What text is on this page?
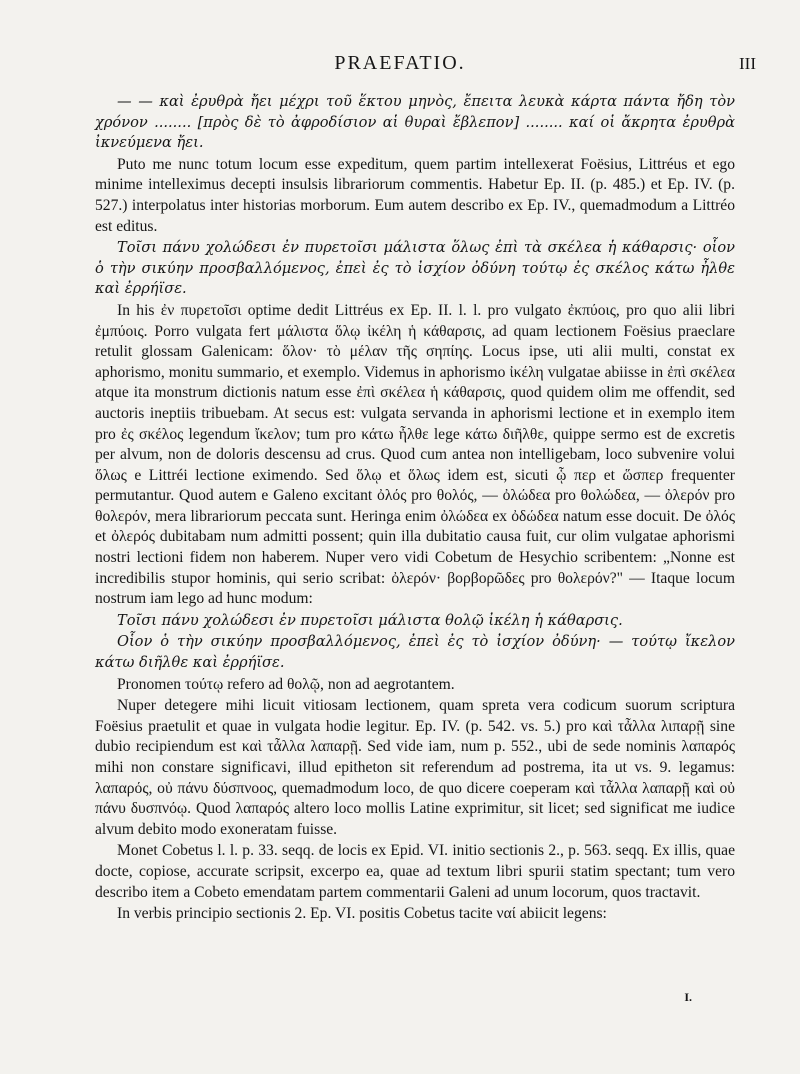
PRAEFATIO.	III

— — καὶ ἐρυθρὰ ἤει μέχρι τοῦ ἕκτου μηνὸς, ἔπειτα λευκὰ κάρτα πάντα ἤδη τὸν χρόνον ........ [πρὸς δὲ τὸ ἀφροδίσιον αἱ θυραὶ ἔβλεπον] ........ καί οἱ ἄκρητα ἐρυθρὰ ἰκνεύμενα ἤει.

Puto me nunc totum locum esse expeditum, quem partim intellexerat Foësius, Littréus et ego minime intelleximus decepti insulsis librariorum commentis. Habetur Ep. II. (p. 485.) et Ep. IV. (p. 527.) interpolatus inter historias morborum. Eum autem describo ex Ep. IV., quemadmodum a Littréo est editus.

Τοῖσι πάνυ χολώδεσι ἐν πυρετοῖσι μάλιστα ὅλως ἐπὶ τὰ σκέλεα ἡ κάθαρσις· οἷον ὁ τὴν σικύην προσβαλλόμενος, ἐπεὶ ἐς τὸ ἰσχίον ὀδύνη τούτῳ ἐς σκέλος κάτω ἦλθε καὶ ἐρρήϊσε.

In his ἐν πυρετοῖσι optime dedit Littréus ex Ep. II. l. l. pro vulgato ἐκπύοις, pro quo alii libri ἐμπύοις. Porro vulgata fert μάλιστα ὅλῳ ἰκέλη ἡ κάθαρσις, ad quam lectionem Foësius praeclare retulit glossam Galenicam: ὅλον· τὸ μέλαν τῆς σηπίης. Locus ipse, uti alii multi, constat ex aphorismo, monitu summario, et exemplo. Videmus in aphorismo ἰκέλη vulgatae abiisse in ἐπὶ σκέλεα atque ita monstrum dictionis natum esse ἐπὶ σκέλεα ἡ κάθαρσις, quod quidem olim me offendit, sed auctoris ineptiis tribuebam. At secus est: vulgata servanda in aphorismi lectione et in exemplo item pro ἐς σκέλος legendum ἴκελον; tum pro κάτω ἦλθε lege κάτω διῆλθε, quippe sermo est de excretis per alvum, non de doloris descensu ad crus. Quod cum antea non intelligebam, loco subvenire volui ὅλως e Littréi lectione eximendo. Sed ὅλῳ et ὅλως idem est, sicuti ᾧ περ et ὥσπερ frequenter permutantur. Quod autem e Galeno excitant ὀλός pro θολός, — ὀλώδεα pro θολώδεα, — ὀλερόν pro θολερόν, mera librariorum peccata sunt. Heringa enim ὀλώδεα ex ὀδώδεα natum esse docuit. De ὀλός et ὀλερός dubitabam num admitti possent; quin illa dubitatio causa fuit, cur olim vulgatae aphorismi nostri lectioni fidem non haberem. Nuper vero vidi Cobetum de Hesychio scribentem: „Nonne est incredibilis stupor hominis, qui serio scribat: ὀλερόν· βορβορῶδες pro θολερόν?" — Itaque locum nostrum iam lego ad hunc modum:

Τοῖσι πάνυ χολώδεσι ἐν πυρετοῖσι μάλιστα θολῷ ἰκέλη ἡ κάθαρσις.

Οἷον ὁ τὴν σικύην προσβαλλόμενος, ἐπεὶ ἐς τὸ ἰσχίον ὀδύνη· — τούτῳ ἴκελον κάτω διῆλθε καὶ ἐρρήϊσε.

Pronomen τούτῳ refero ad θολῷ, non ad aegrotantem.

Nuper detegere mihi licuit vitiosam lectionem, quam spreta vera codicum suorum scriptura Foësius praetulit et quae in vulgata hodie legitur. Ep. IV. (p. 542. vs. 5.) pro καὶ τἆλλα λιπαρῇ sine dubio recipiendum est καὶ τἆλλα λαπαρῇ. Sed vide iam, num p. 552., ubi de sede nominis λαπαρός mihi non constare significavi, illud epitheton sit referendum ad postrema, ita ut vs. 9. legamus: λαπαρός, οὐ πάνυ δύσπνοος, quemadmodum loco, de quo dicere coeperam καὶ τἆλλα λαπαρῇ καὶ οὐ πάνυ δυσπνόῳ. Quod λαπαρός altero loco mollis Latine exprimitur, sit licet; sed significat me iudice alvum debito modo exoneratam fuisse.

Monet Cobetus l. l. p. 33. seqq. de locis ex Epid. VI. initio sectionis 2., p. 563. seqq. Ex illis, quae docte, copiose, accurate scripsit, excerpo ea, quae ad textum libri spurii statim spectant; tum vero describo item a Cobeto emendatam partem commentarii Galeni ad unum locorum, quos tractavit.

In verbis principio sectionis 2. Ep. VI. positis Cobetus tacite ναί abiicit legens:

I.
